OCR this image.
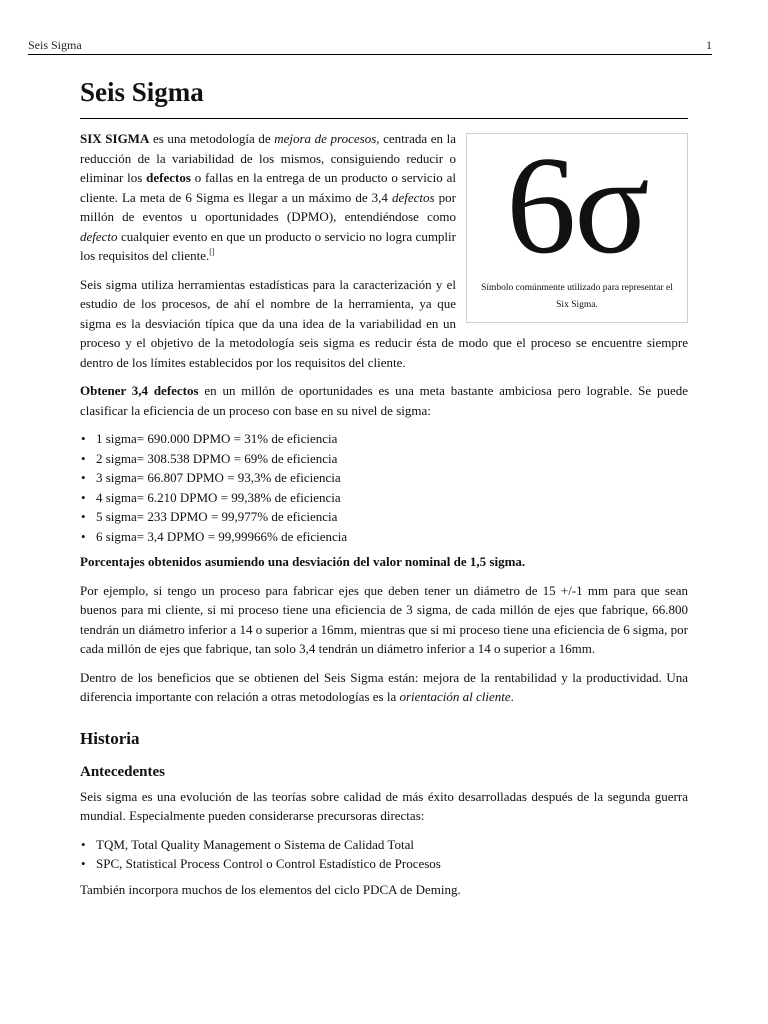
Seis Sigma	1
Seis Sigma
6σ
Símbolo comúnmente utilizado para representar el Six Sigma.

SIX SIGMA es una metodología de mejora de procesos, centrada en la reducción de la variabilidad de los mismos, consiguiendo reducir o eliminar los defectos o fallas en la entrega de un producto o servicio al cliente. La meta de 6 Sigma es llegar a un máximo de 3,4 defectos por millón de eventos u oportunidades (DPMO), entendiéndose como defecto cualquier evento en que un producto o servicio no logra cumplir los requisitos del cliente.[]

Seis sigma utiliza herramientas estadísticas para la caracterización y el estudio de los procesos, de ahí el nombre de la herramienta, ya que sigma es la desviación típica que da una idea de la variabilidad en un proceso y el objetivo de la metodología seis sigma es reducir ésta de modo que el proceso se encuentre siempre dentro de los límites establecidos por los requisitos del cliente.

Obtener 3,4 defectos en un millón de oportunidades es una meta bastante ambiciosa pero lograble. Se puede clasificar la eficiencia de un proceso con base en su nivel de sigma:

• 1 sigma= 690.000 DPMO = 31% de eficiencia
• 2 sigma= 308.538 DPMO = 69% de eficiencia
• 3 sigma= 66.807 DPMO = 93,3% de eficiencia
• 4 sigma= 6.210 DPMO = 99,38% de eficiencia
• 5 sigma= 233 DPMO = 99,977% de eficiencia
• 6 sigma= 3,4 DPMO = 99,99966% de eficiencia

Porcentajes obtenidos asumiendo una desviación del valor nominal de 1,5 sigma.

Por ejemplo, si tengo un proceso para fabricar ejes que deben tener un diámetro de 15 +/-1 mm para que sean buenos para mi cliente, si mi proceso tiene una eficiencia de 3 sigma, de cada millón de ejes que fabrique, 66.800 tendrán un diámetro inferior a 14 o superior a 16mm, mientras que si mi proceso tiene una eficiencia de 6 sigma, por cada millón de ejes que fabrique, tan solo 3,4 tendrán un diámetro inferior a 14 o superior a 16mm.

Dentro de los beneficios que se obtienen del Seis Sigma están: mejora de la rentabilidad y la productividad. Una diferencia importante con relación a otras metodologías es la orientación al cliente.

Historia
Antecedentes

Seis sigma es una evolución de las teorías sobre calidad de más éxito desarrolladas después de la segunda guerra mundial. Especialmente pueden considerarse precursoras directas:

• TQM, Total Quality Management o Sistema de Calidad Total
• SPC, Statistical Process Control o Control Estadístico de Procesos

También incorpora muchos de los elementos del ciclo PDCA de Deming.
